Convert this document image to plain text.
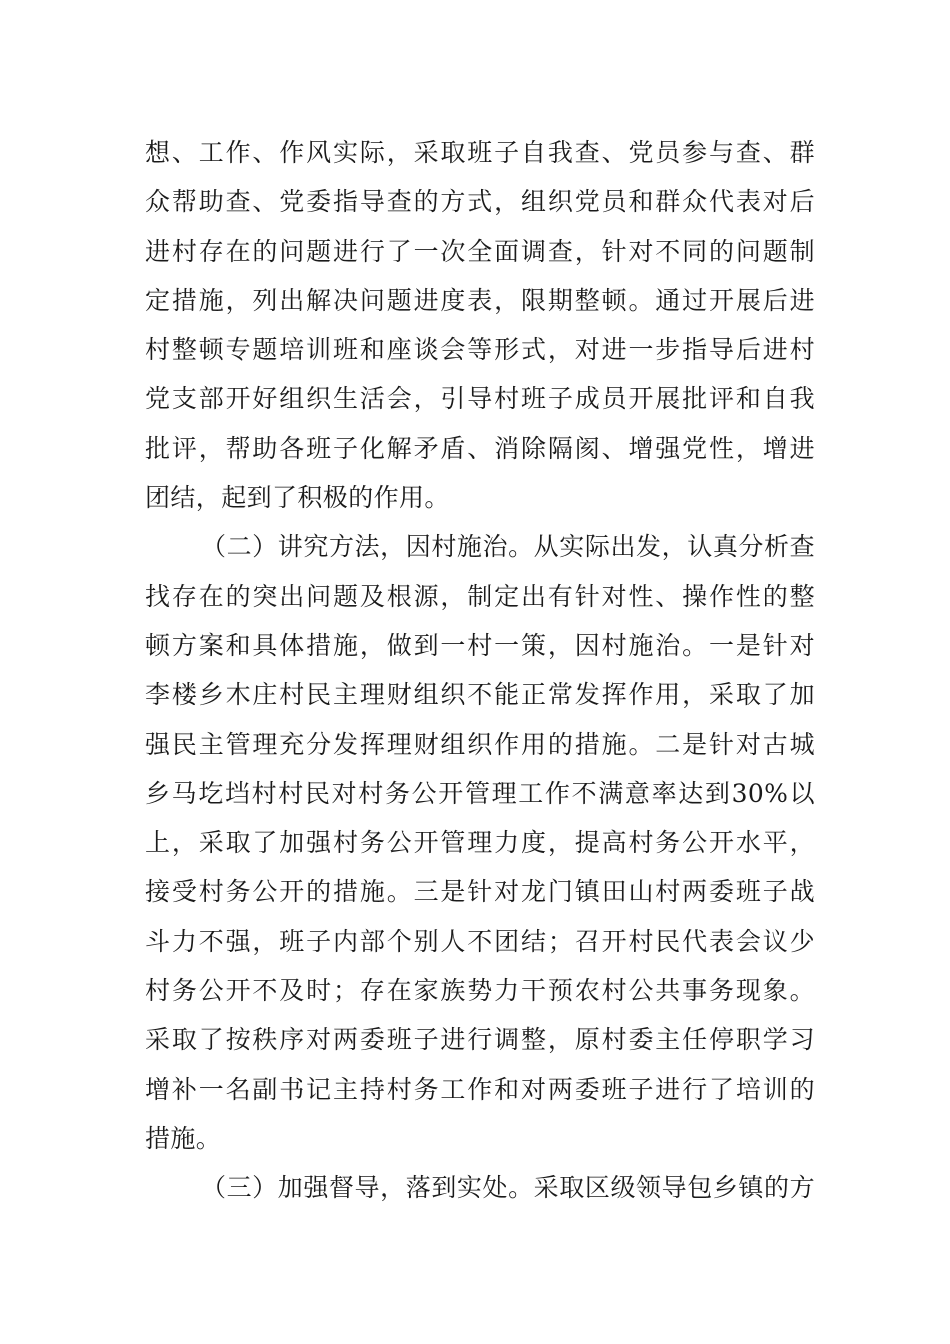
想、工作、作风实际，采取班子自我查、党员参与查、群
众帮助查、党委指导查的方式，组织党员和群众代表对后
进村存在的问题进行了一次全面调查，针对不同的问题制
定措施，列出解决问题进度表，限期整顿。通过开展后进
村整顿专题培训班和座谈会等形式，对进一步指导后进村
党支部开好组织生活会，引导村班子成员开展批评和自我
批评，帮助各班子化解矛盾、消除隔阂、增强党性，增进
团结，起到了积极的作用。
（二）讲究方法，因村施治。从实际出发，认真分析查
找存在的突出问题及根源，制定出有针对性、操作性的整
顿方案和具体措施，做到一村一策，因村施治。一是针对
李楼乡木庄村民主理财组织不能正常发挥作用，采取了加
强民主管理充分发挥理财组织作用的措施。二是针对古城
乡马圪垱村村民对村务公开管理工作不满意率达到30%以
上，采取了加强村务公开管理力度，提高村务公开水平，
接受村务公开的措施。三是针对龙门镇田山村两委班子战
斗力不强，班子内部个别人不团结；召开村民代表会议少
村务公开不及时；存在家族势力干预农村公共事务现象。
采取了按秩序对两委班子进行调整，原村委主任停职学习
增补一名副书记主持村务工作和对两委班子进行了培训的
措施。
（三）加强督导，落到实处。采取区级领导包乡镇的方
